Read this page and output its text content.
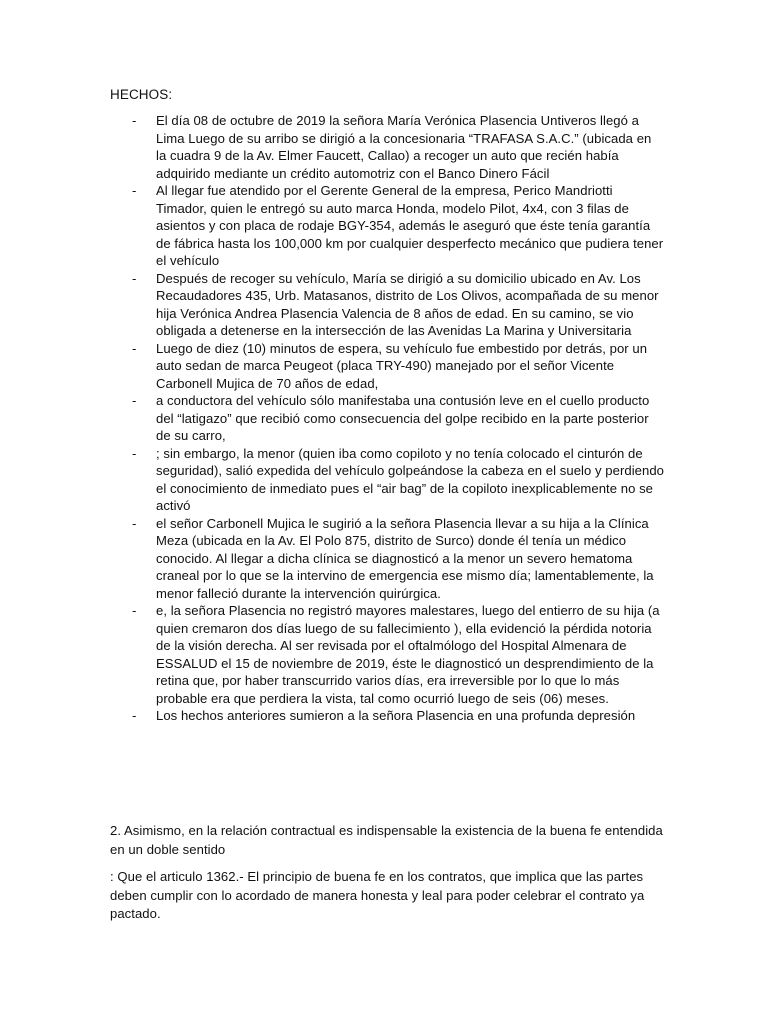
HECHOS:
- El día 08 de octubre de 2019 la señora María Verónica Plasencia Untiveros llegó a Lima Luego de su arribo se dirigió a la concesionaria “TRAFASA S.A.C.” (ubicada en la cuadra 9 de la Av. Elmer Faucett, Callao) a recoger un auto que recién había adquirido mediante un crédito automotriz con el Banco Dinero Fácil
- Al llegar fue atendido por el Gerente General de la empresa, Perico Mandriotti Timador, quien le entregó su auto marca Honda, modelo Pilot, 4x4, con 3 filas de asientos y con placa de rodaje BGY-354, además le aseguró que éste tenía garantía de fábrica hasta los 100,000 km por cualquier desperfecto mecánico que pudiera tener el vehículo
- Después de recoger su vehículo, María se dirigió a su domicilio ubicado en Av. Los Recaudadores 435, Urb. Matasanos, distrito de Los Olivos, acompañada de su menor hija Verónica Andrea Plasencia Valencia de 8 años de edad. En su camino, se vio obligada a detenerse en la intersección de las Avenidas La Marina y Universitaria
- Luego de diez (10) minutos de espera, su vehículo fue embestido por detrás, por un auto sedan de marca Peugeot (placa TRY-490) manejado por el señor Vicente Carbonell Mujica de 70 años de edad,
- a conductora del vehículo sólo manifestaba una contusión leve en el cuello producto del “latigazo” que recibió como consecuencia del golpe recibido en la parte posterior de su carro,
- ; sin embargo, la menor (quien iba como copiloto y no tenía colocado el cinturón de seguridad), salió expedida del vehículo golpeándose la cabeza en el suelo y perdiendo el conocimiento de inmediato pues el “air bag” de la copiloto inexplicablemente no se activó
- el señor Carbonell Mujica le sugirió a la señora Plasencia llevar a su hija a la Clínica Meza (ubicada en la Av. El Polo 875, distrito de Surco) donde él tenía un médico conocido. Al llegar a dicha clínica se diagnosticó a la menor un severo hematoma craneal por lo que se la intervino de emergencia ese mismo día; lamentablemente, la menor falleció durante la intervención quirúrgica.
- e, la señora Plasencia no registró mayores malestares, luego del entierro de su hija (a quien cremaron dos días luego de su fallecimiento ), ella evidenció la pérdida notoria de la visión derecha. Al ser revisada por el oftalmólogo del Hospital Almenara de ESSALUD el 15 de noviembre de 2019, éste le diagnosticó un desprendimiento de la retina que, por haber transcurrido varios días, era irreversible por lo que lo más probable era que perdiera la vista, tal como ocurrió luego de seis (06) meses.
- Los hechos anteriores sumieron a la señora Plasencia en una profunda depresión

2. Asimismo, en la relación contractual es indispensable la existencia de la buena fe entendida en un doble sentido

: Que el articulo 1362.- El principio de buena fe en los contratos, que implica que las partes deben cumplir con lo acordado de manera honesta y leal para poder celebrar el contrato ya pactado.
